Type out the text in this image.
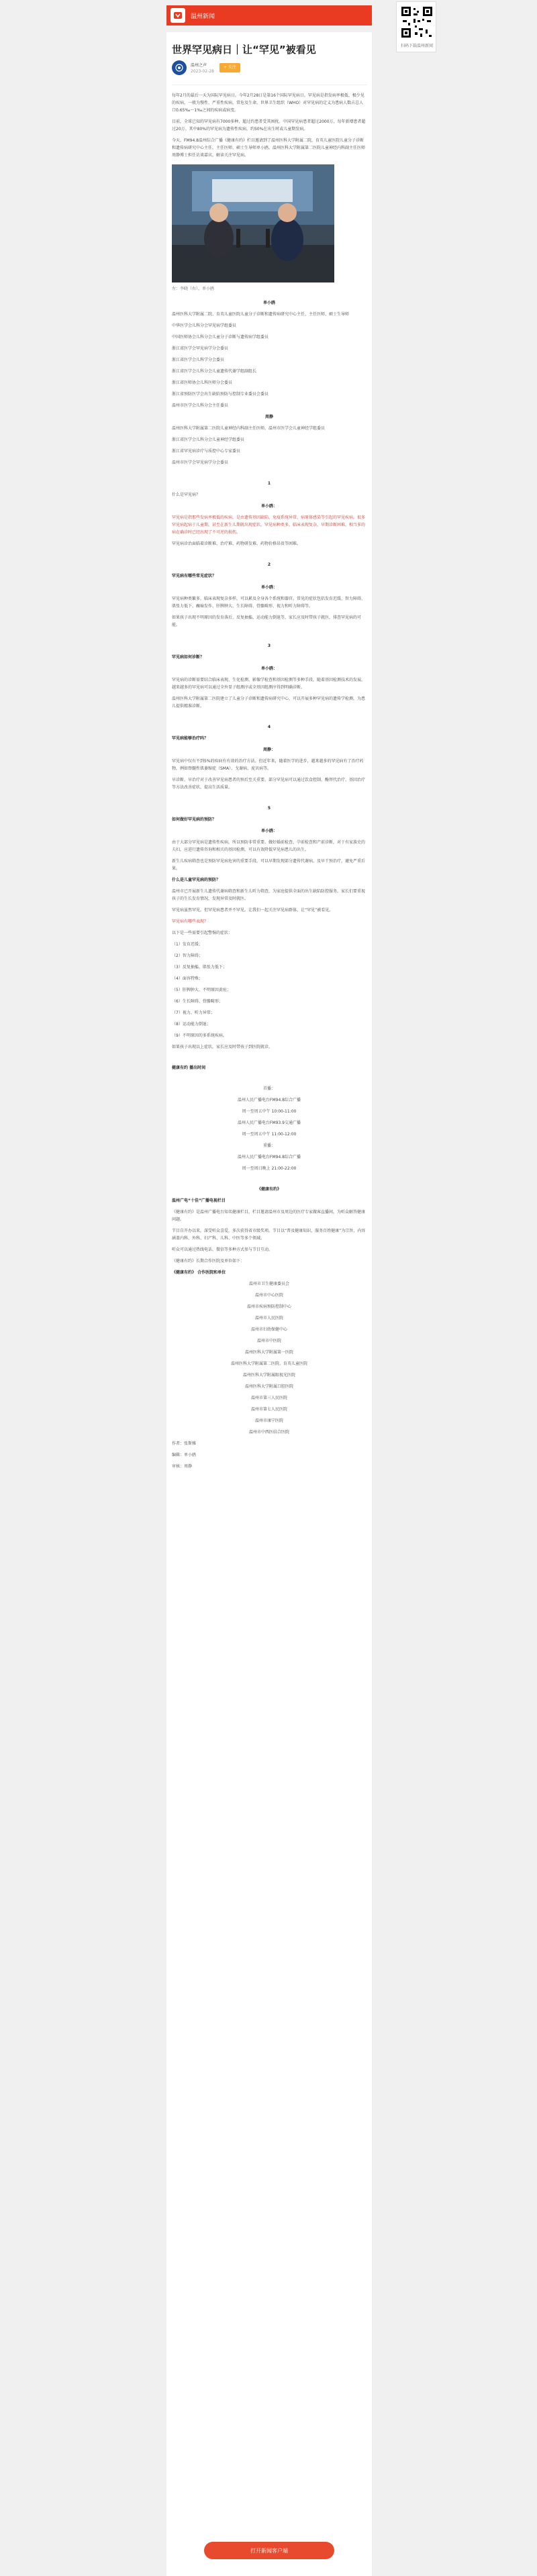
温州新闻
扫码下载温州新闻
世界罕见病日｜让“罕见”被看见
温州之声
2023-02-28
+ 关注

每年2月的最后一天为国际罕见病日。今年2月28日是第16个国际罕见病日。罕见病是指发病率极低、极少见的疾病，一般为慢性、严重性疾病，常危及生命。世界卫生组织（WHO）对罕见病的定义为患病人数占总人口0.65‰～1‰之间的疾病或病变。

目前，全球已知的罕见病有7000多种，超过约患者受其困扰。中国罕见病患者超过2000万，每年新增患者超过20万。其中80%的罕见病为遗传性疾病，约50%在出生时或儿童期发病。

今天，FM94.8温州综合广播《健康有约》栏目邀请到了温州医科大学附属二院，育英儿童医院儿童分子诊断和遗传病研究中心主任，主任医师、硕士生导师单小鸥，温州医科大学附属第二医院儿童神经内科副主任医师周静博士担任访谈嘉宾，解读关注罕见病。

左：李晓（右），单小鸥

单小鸥

温州医科大学附属二院、育英儿童医院儿童分子诊断和遗传病研究中心主任、主任医师、硕士生导师

中华医学会儿科分会罕见病学组委员

中国医师协会儿科分会儿童分子诊断与遗传病学组委员

浙江省医学会罕见病学分会委员

浙江省医学会儿科学分会委员

浙江省医学会儿科分会儿童遗传代谢学组副组长

浙江省医师协会儿科医师分会委员

浙江省预防医学会出生缺陷预防与控制专业委员会委员

温州市医学会儿科分会主任委员

周静

温州医科大学附属第二医院儿童神经内科副主任医师，温州市医学会儿童神经学组委员

浙江省医学会儿科分会儿童神经学组委员

浙江省罕见病诊疗与质控中心专家委员

温州市医学会罕见病学分会委员

1

什么是罕见病？

单小鸥：

罕见病是指那些发病率极低的疾病，是由遗传基因缺陷、免疫系统异常、病原体感染等引起的罕见疾病。很多罕见病起病于儿童期，甚至在新生儿期就出现症状，罕见病种类多，临床表现复杂，早期诊断困难，相当多的病在确诊时已经出现了不可逆的损伤。

罕见病诊治面临着诊断难、治疗难、药物研发难、药物价格昂贵等困难。

2

罕见病有哪些常见症状？

单小鸥：

罕见病种类繁多，临床表现复杂多样，可以累及全身各个系统和器官。常见的症状包括发育迟缓、智力障碍、肌张力低下、癫痫发作、肝脾肿大、生长障碍、骨骼畸形、视力和听力障碍等。

如果孩子出现不明原因的发育落后、反复抽搐、运动能力倒退等，家长应及时带孩子就医，排查罕见病的可能。

3

罕见病如何诊断？

单小鸥：

罕见病的诊断需要结合临床表现、生化检测、影像学检查和基因检测等多种手段。随着基因检测技术的发展，越来越多的罕见病可以通过全外显子组测序或全基因组测序得到明确诊断。

温州医科大学附属第二医院建立了儿童分子诊断和遗传病研究中心，可以开展多种罕见病的遗传学检测，为患儿提供精准诊断。

4

罕见病能够治疗吗？

周静：

罕见病中仅有不到5%的疾病有有效的治疗方法。但近年来，随着医学的进步，越来越多的罕见病有了治疗药物，例如脊髓性肌萎缩症（SMA）、戈谢病、庞贝病等。

早诊断、早治疗对于改善罕见病患者的预后至关重要。部分罕见病可以通过饮食控制、酶替代治疗、基因治疗等方法改善症状，提高生活质量。

5

如何做好罕见病的预防？

单小鸥：

由于大部分罕见病是遗传性疾病，所以预防非常重要。做好婚前检查、孕前检查和产前诊断，对于有家族史的夫妇，应进行遗传咨询和相关的基因检测，可以有效降低罕见病患儿的出生。

新生儿疾病筛查也是预防罕见病危害的重要手段，可以早期发现部分遗传代谢病，及早干预治疗，避免严重后果。

什么是儿童罕见病的预防？

温州市已开展新生儿遗传代谢病筛查和新生儿听力筛查，为家庭提供全面的出生缺陷防控服务。家长们要重视孩子的生长发育情况，发现异常及时就医。

罕见病虽然罕见，但罕见病患者并不罕见。让我们一起关注罕见病群体，让“罕见”被看见。

罕见病有哪些表现？

以下是一些需要引起警惕的症状：

（1）发育迟缓；

（2）智力障碍；

（3）反复抽搐、肌张力低下；

（4）面容特殊；

（5）肝脾肿大、不明原因黄疸；

（6）生长障碍、骨骼畸形；

（7）视力、听力异常；

（8）运动能力倒退；

（9）不明原因的多系统疾病。

如果孩子出现以上症状，家长应及时带孩子到医院就诊。

健康有约 播出时间

首播：

温州人民广播电台FM94.8综合广播

周一至周五中午 10:00-11:00

温州人民广播电台FM93.9交通广播

周一至周五中午 11:00-12:00

重播：

温州人民广播电台FM94.8综合广播

周一至周日晚上 21:00-22:00

《健康有约》

温州广电“十佳”广播电视栏目

《健康有约》是温州广播电台知名健康栏目，栏目邀请温州市及周边的医疗专家做客直播间，为听众解答健康问题。

节目自开办以来，深受听众喜爱，多次获得省市级奖项。节目以“普及健康知识，服务百姓健康”为宗旨，内容涵盖内科、外科、妇产科、儿科、中医等多个领域。

听众可以通过热线电话、微信等多种方式参与节目互动。

《健康有约》长期合作医院及单位如下：

《健康有约》 合作医院和单位

温州市卫生健康委员会

温州市中心医院

温州市疾病预防控制中心

温州市人民医院

温州市妇幼保健中心

温州市中医院

温州医科大学附属第一医院

温州医科大学附属第二医院、育英儿童医院

温州医科大学附属眼视光医院

温州医科大学附属口腔医院

温州市第三人民医院

温州市第七人民医院

温州市康宁医院

温州市中西医结合医院

作者：张斯雅

编辑：单小鸥

审核：周静

打开新闻客户端
